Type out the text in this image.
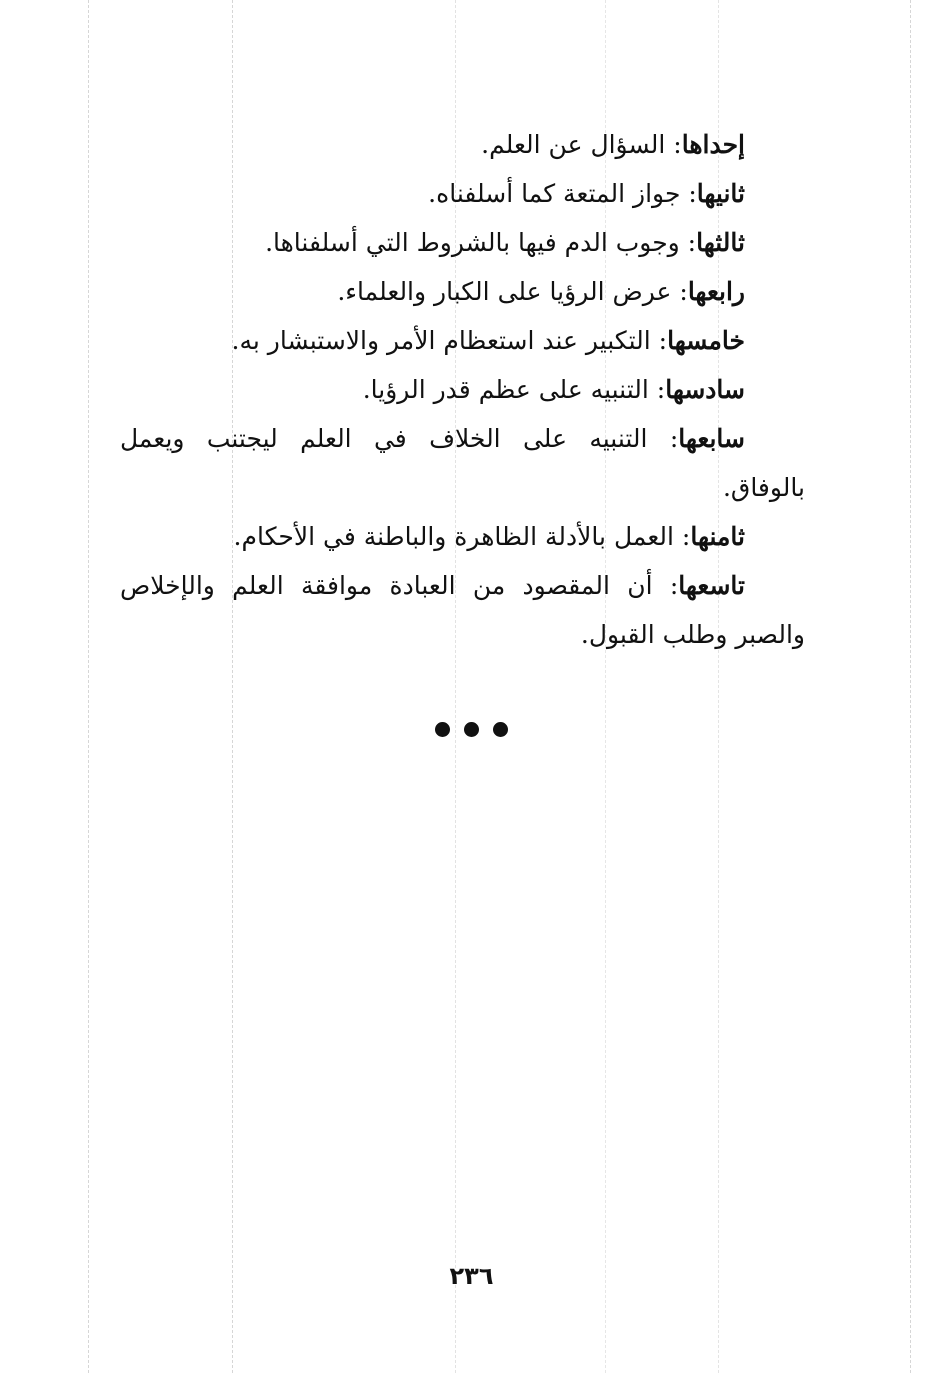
إحداها: السؤال عن العلم.

ثانيها: جواز المتعة كما أسلفناه.

ثالثها: وجوب الدم فيها بالشروط التي أسلفناها.

رابعها: عرض الرؤيا على الكبار والعلماء.

خامسها: التكبير عند استعظام الأمر والاستبشار به.

سادسها: التنبيه على عظم قدر الرؤيا.

سابعها: التنبيه على الخلاف في العلم ليجتنب ويعمل
بالوفاق.

ثامنها: العمل بالأدلة الظاهرة والباطنة في الأحكام.

تاسعها: أن المقصود من العبادة موافقة العلم والإخلاص
والصبر وطلب القبول.

٢٣٦
